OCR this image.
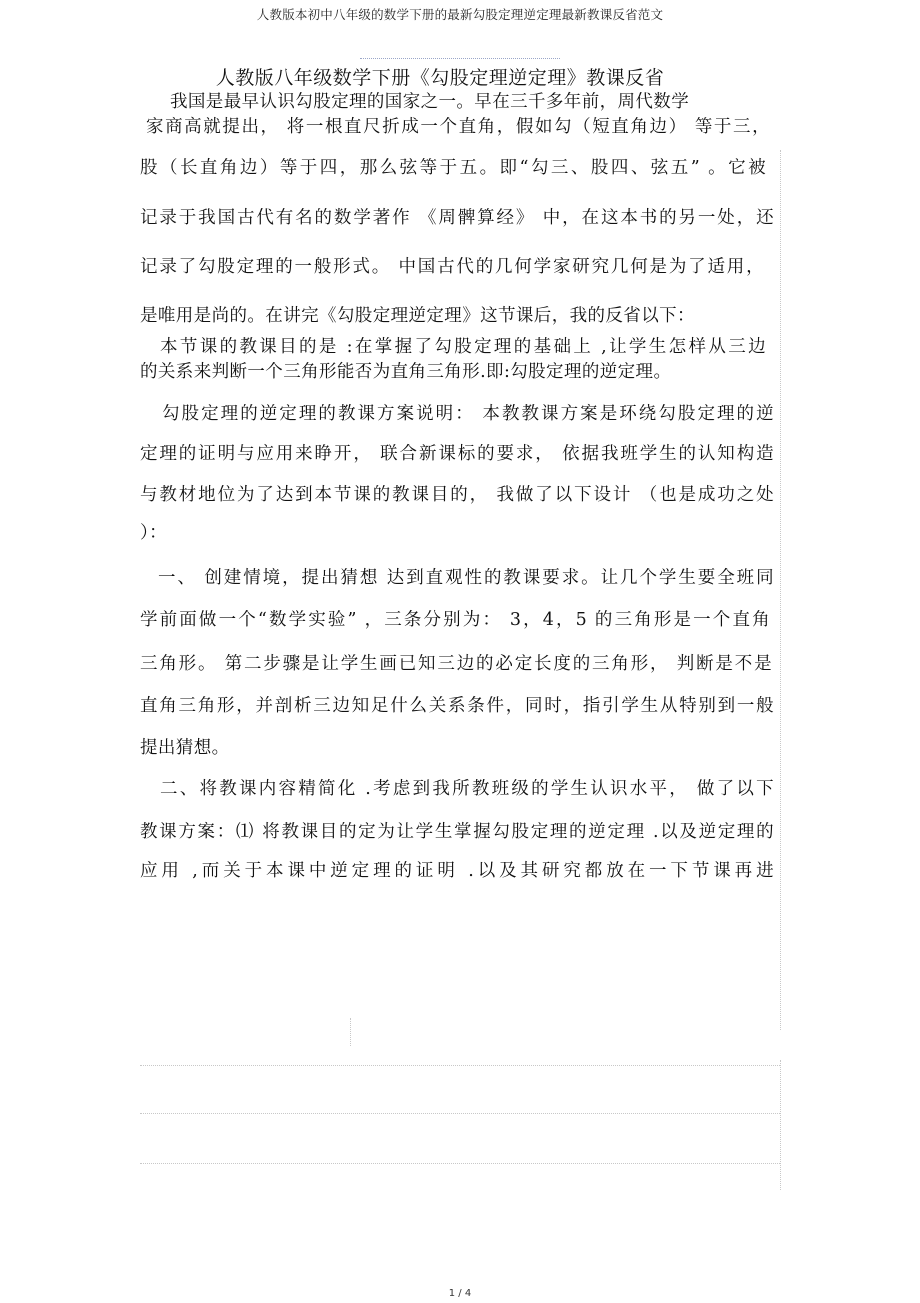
人教版本初中八年级的数学下册的最新勾股定理逆定理最新教课反省范文
人教版八年级数学下册《勾股定理逆定理》教课反省
我国是最早认识勾股定理的国家之一。早在三千多年前，周代数学
家商高就提出， 将一根直尺折成一个直角，假如勾（短直角边） 等于三，
股（长直角边）等于四，那么弦等于五。即“勾三、股四、弦五” 。它被
记录于我国古代有名的数学著作 《周髀算经》 中，在这本书的另一处，还
记录了勾股定理的一般形式。 中国古代的几何学家研究几何是为了适用，
是唯用是尚的。在讲完《勾股定理逆定理》这节课后，我的反省以下：
本节课的教课目的是 :在掌握了勾股定理的基础上 ,让学生怎样从三边
的关系来判断一个三角形能否为直角三角形.即:勾股定理的逆定理。
勾股定理的逆定理的教课方案说明： 本教教课方案是环绕勾股定理的逆
定理的证明与应用来睁开， 联合新课标的要求， 依据我班学生的认知构造
与教材地位为了达到本节课的教课目的， 我做了以下设计 （也是成功之处
）：
一、 创建情境，提出猜想 达到直观性的教课要求。让几个学生要全班同
学前面做一个“数学实验” ，三条分别为： 3，4，5 的三角形是一个直角
三角形。 第二步骤是让学生画已知三边的必定长度的三角形， 判断是不是
直角三角形，并剖析三边知足什么关系条件，同时，指引学生从特别到一般
提出猜想。
二、将教课内容精简化 .考虑到我所教班级的学生认识水平， 做了以下
教课方案：⑴ 将教课目的定为让学生掌握勾股定理的逆定理 .以及逆定理的
应用 ,而关于本课中逆定理的证明 .以及其研究都放在一下节课再进
1 / 4
